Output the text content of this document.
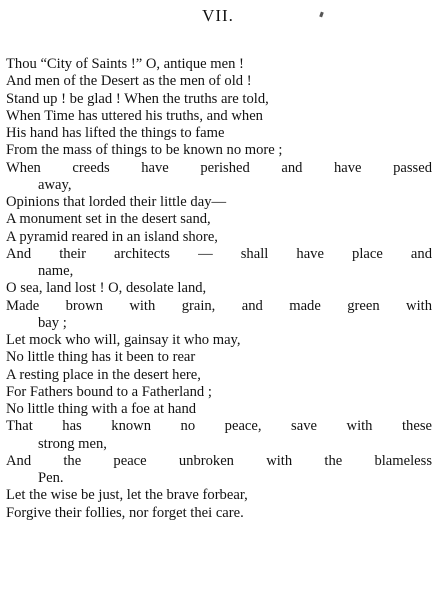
VII.
Thou “City of Saints !” O, antique men !
And men of the Desert as the men of old !
Stand up ! be glad ! When the truths are told,
When Time has uttered his truths, and when
His hand has lifted the things to fame
From the mass of things to be known no more ;
When creeds have perished and have passed
away,
Opinions that lorded their little day—
A monument set in the desert sand,
A pyramid reared in an island shore,
And their architects — shall have place and
name,
O sea, land lost ! O, desolate land,
Made brown with grain, and made green with
bay ;
Let mock who will, gainsay it who may,
No little thing has it been to rear
A resting place in the desert here,
For Fathers bound to a Fatherland ;
No little thing with a foe at hand
That has known no peace, save with these
strong men,
And the peace unbroken with the blameless
Pen.
Let the wise be just, let the brave forbear,
Forgive their follies, nor forget thei care.
